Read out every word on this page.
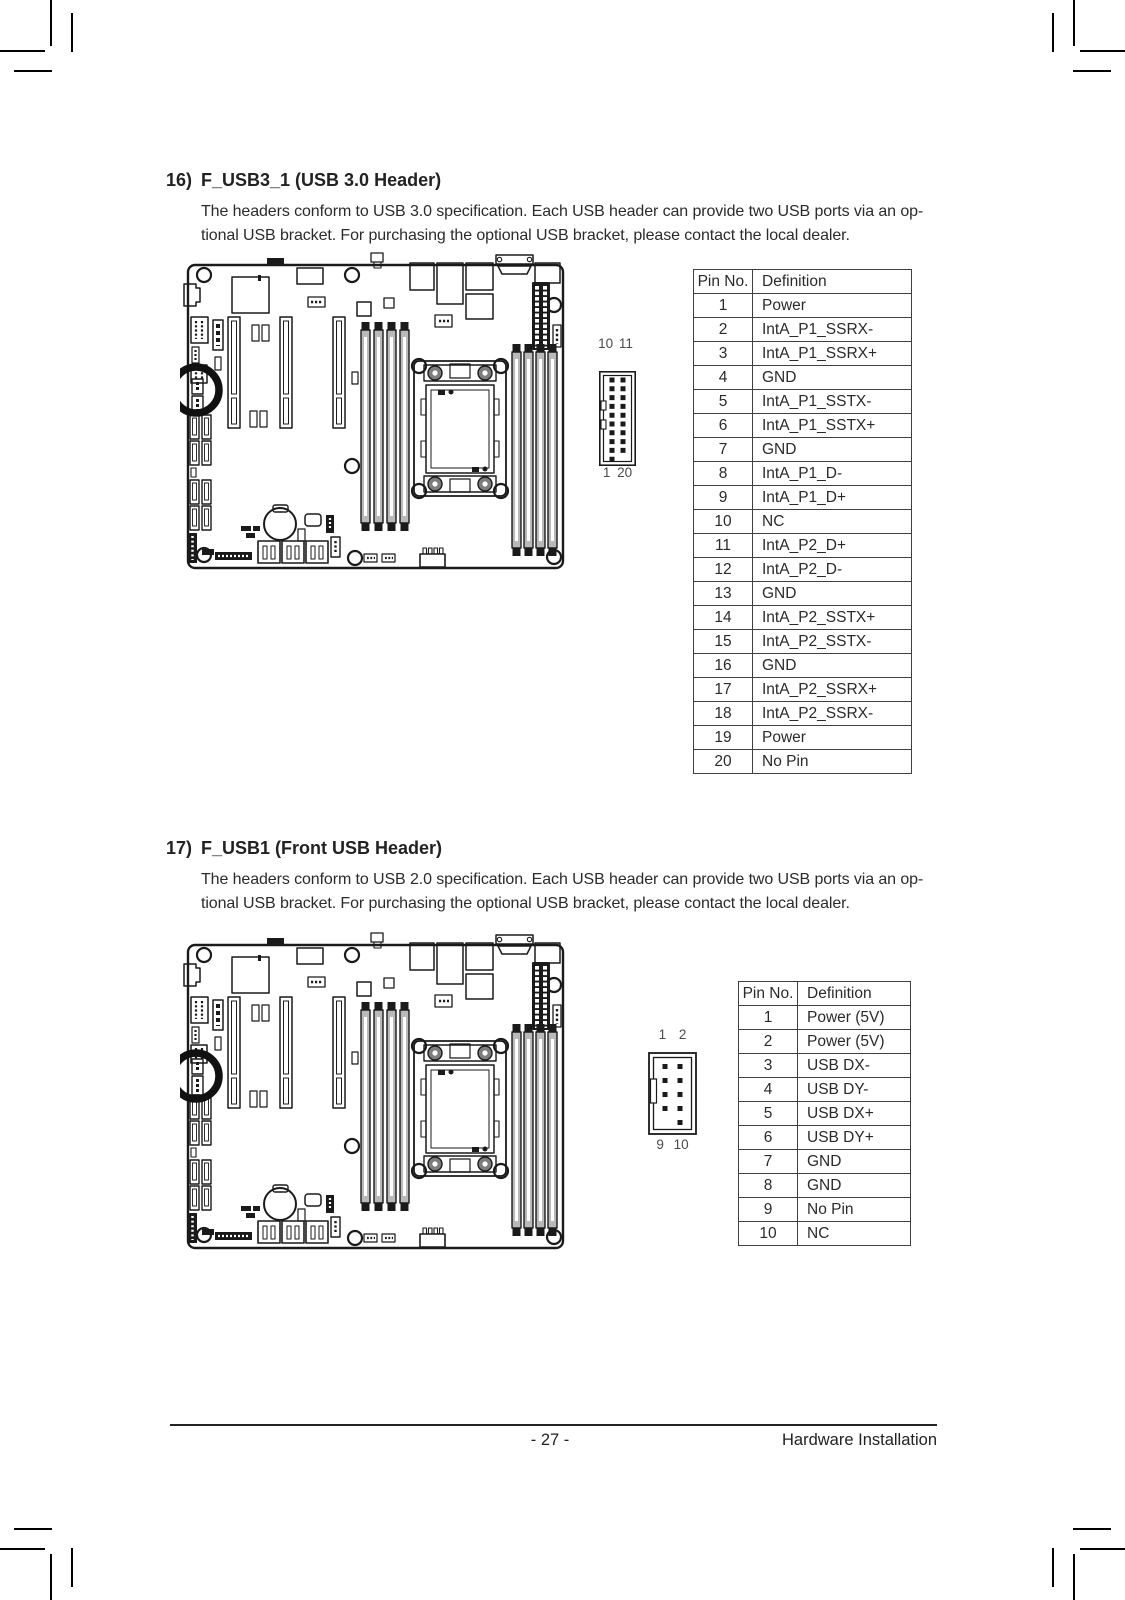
16) F_USB3_1 (USB 3.0 Header)
The headers conform to USB 3.0 specification. Each USB header can provide two USB ports via an op-
tional USB bracket. For purchasing the optional USB bracket, please contact the local dealer.
10 11
1 20
Pin No.	Definition
1	Power
2	IntA_P1_SSRX-
3	IntA_P1_SSRX+
4	GND
5	IntA_P1_SSTX-
6	IntA_P1_SSTX+
7	GND
8	IntA_P1_D-
9	IntA_P1_D+
10	NC
11	IntA_P2_D+
12	IntA_P2_D-
13	GND
14	IntA_P2_SSTX+
15	IntA_P2_SSTX-
16	GND
17	IntA_P2_SSRX+
18	IntA_P2_SSRX-
19	Power
20	No Pin
17) F_USB1 (Front USB Header)
The headers conform to USB 2.0 specification. Each USB header can provide two USB ports via an op-
tional USB bracket. For purchasing the optional USB bracket, please contact the local dealer.
1 2
9 10
Pin No.	Definition
1	Power (5V)
2	Power (5V)
3	USB DX-
4	USB DY-
5	USB DX+
6	USB DY+
7	GND
8	GND
9	No Pin
10	NC
- 27 -	Hardware Installation
